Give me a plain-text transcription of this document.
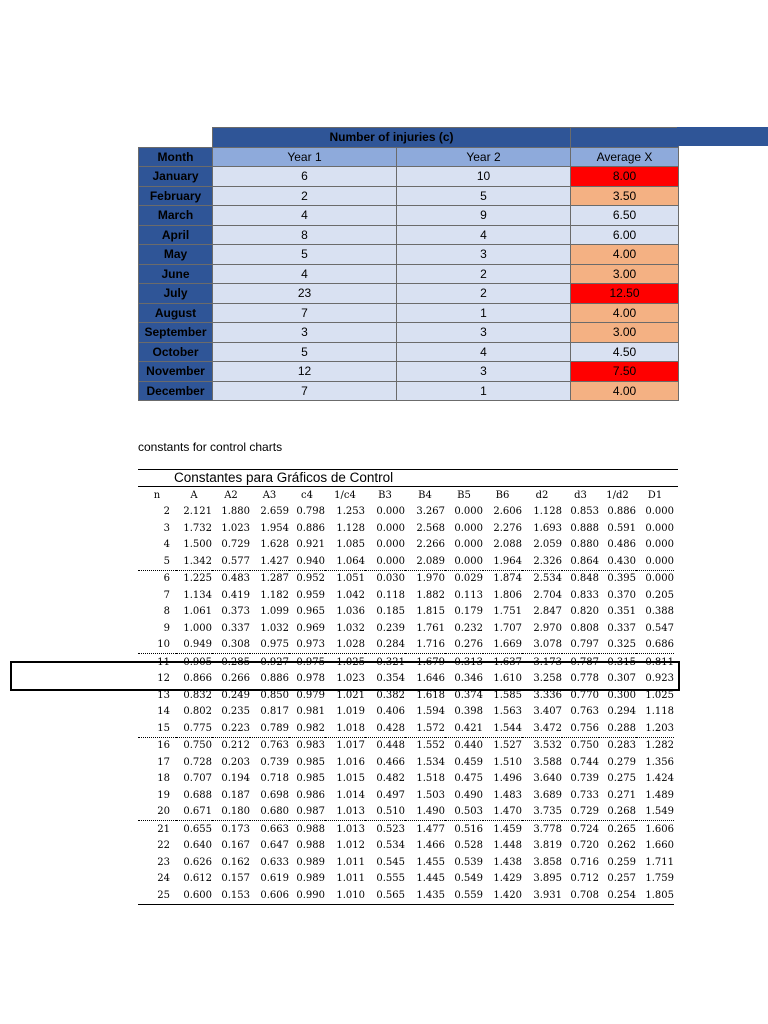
	Number of injuries (c)		
Month	Year 1	Year 2	Average X
January	6	10	8.00
February	2	5	3.50
March	4	9	6.50
April	8	4	6.00
May	5	3	4.00
June	4	2	3.00
July	23	2	12.50
August	7	1	4.00
September	3	3	3.00
October	5	4	4.50
November	12	3	7.50
December	7	1	4.00
constants for control charts
Constantes para Gráficos de Control
n	A	A2	A3	c4	1/c4	B3	B4	B5	B6	d2	d3	1/d2	D1
2	2.121	1.880	2.659	0.798	1.253	0.000	3.267	0.000	2.606	1.128	0.853	0.886	0.000
3	1.732	1.023	1.954	0.886	1.128	0.000	2.568	0.000	2.276	1.693	0.888	0.591	0.000
4	1.500	0.729	1.628	0.921	1.085	0.000	2.266	0.000	2.088	2.059	0.880	0.486	0.000
5	1.342	0.577	1.427	0.940	1.064	0.000	2.089	0.000	1.964	2.326	0.864	0.430	0.000
6	1.225	0.483	1.287	0.952	1.051	0.030	1.970	0.029	1.874	2.534	0.848	0.395	0.000
7	1.134	0.419	1.182	0.959	1.042	0.118	1.882	0.113	1.806	2.704	0.833	0.370	0.205
8	1.061	0.373	1.099	0.965	1.036	0.185	1.815	0.179	1.751	2.847	0.820	0.351	0.388
9	1.000	0.337	1.032	0.969	1.032	0.239	1.761	0.232	1.707	2.970	0.808	0.337	0.547
10	0.949	0.308	0.975	0.973	1.028	0.284	1.716	0.276	1.669	3.078	0.797	0.325	0.686
11	0.905	0.285	0.927	0.975	1.025	0.321	1.679	0.313	1.637	3.173	0.787	0.315	0.811
12	0.866	0.266	0.886	0.978	1.023	0.354	1.646	0.346	1.610	3.258	0.778	0.307	0.923
13	0.832	0.249	0.850	0.979	1.021	0.382	1.618	0.374	1.585	3.336	0.770	0.300	1.025
14	0.802	0.235	0.817	0.981	1.019	0.406	1.594	0.398	1.563	3.407	0.763	0.294	1.118
15	0.775	0.223	0.789	0.982	1.018	0.428	1.572	0.421	1.544	3.472	0.756	0.288	1.203
16	0.750	0.212	0.763	0.983	1.017	0.448	1.552	0.440	1.527	3.532	0.750	0.283	1.282
17	0.728	0.203	0.739	0.985	1.016	0.466	1.534	0.459	1.510	3.588	0.744	0.279	1.356
18	0.707	0.194	0.718	0.985	1.015	0.482	1.518	0.475	1.496	3.640	0.739	0.275	1.424
19	0.688	0.187	0.698	0.986	1.014	0.497	1.503	0.490	1.483	3.689	0.733	0.271	1.489
20	0.671	0.180	0.680	0.987	1.013	0.510	1.490	0.503	1.470	3.735	0.729	0.268	1.549
21	0.655	0.173	0.663	0.988	1.013	0.523	1.477	0.516	1.459	3.778	0.724	0.265	1.606
22	0.640	0.167	0.647	0.988	1.012	0.534	1.466	0.528	1.448	3.819	0.720	0.262	1.660
23	0.626	0.162	0.633	0.989	1.011	0.545	1.455	0.539	1.438	3.858	0.716	0.259	1.711
24	0.612	0.157	0.619	0.989	1.011	0.555	1.445	0.549	1.429	3.895	0.712	0.257	1.759
25	0.600	0.153	0.606	0.990	1.010	0.565	1.435	0.559	1.420	3.931	0.708	0.254	1.805
